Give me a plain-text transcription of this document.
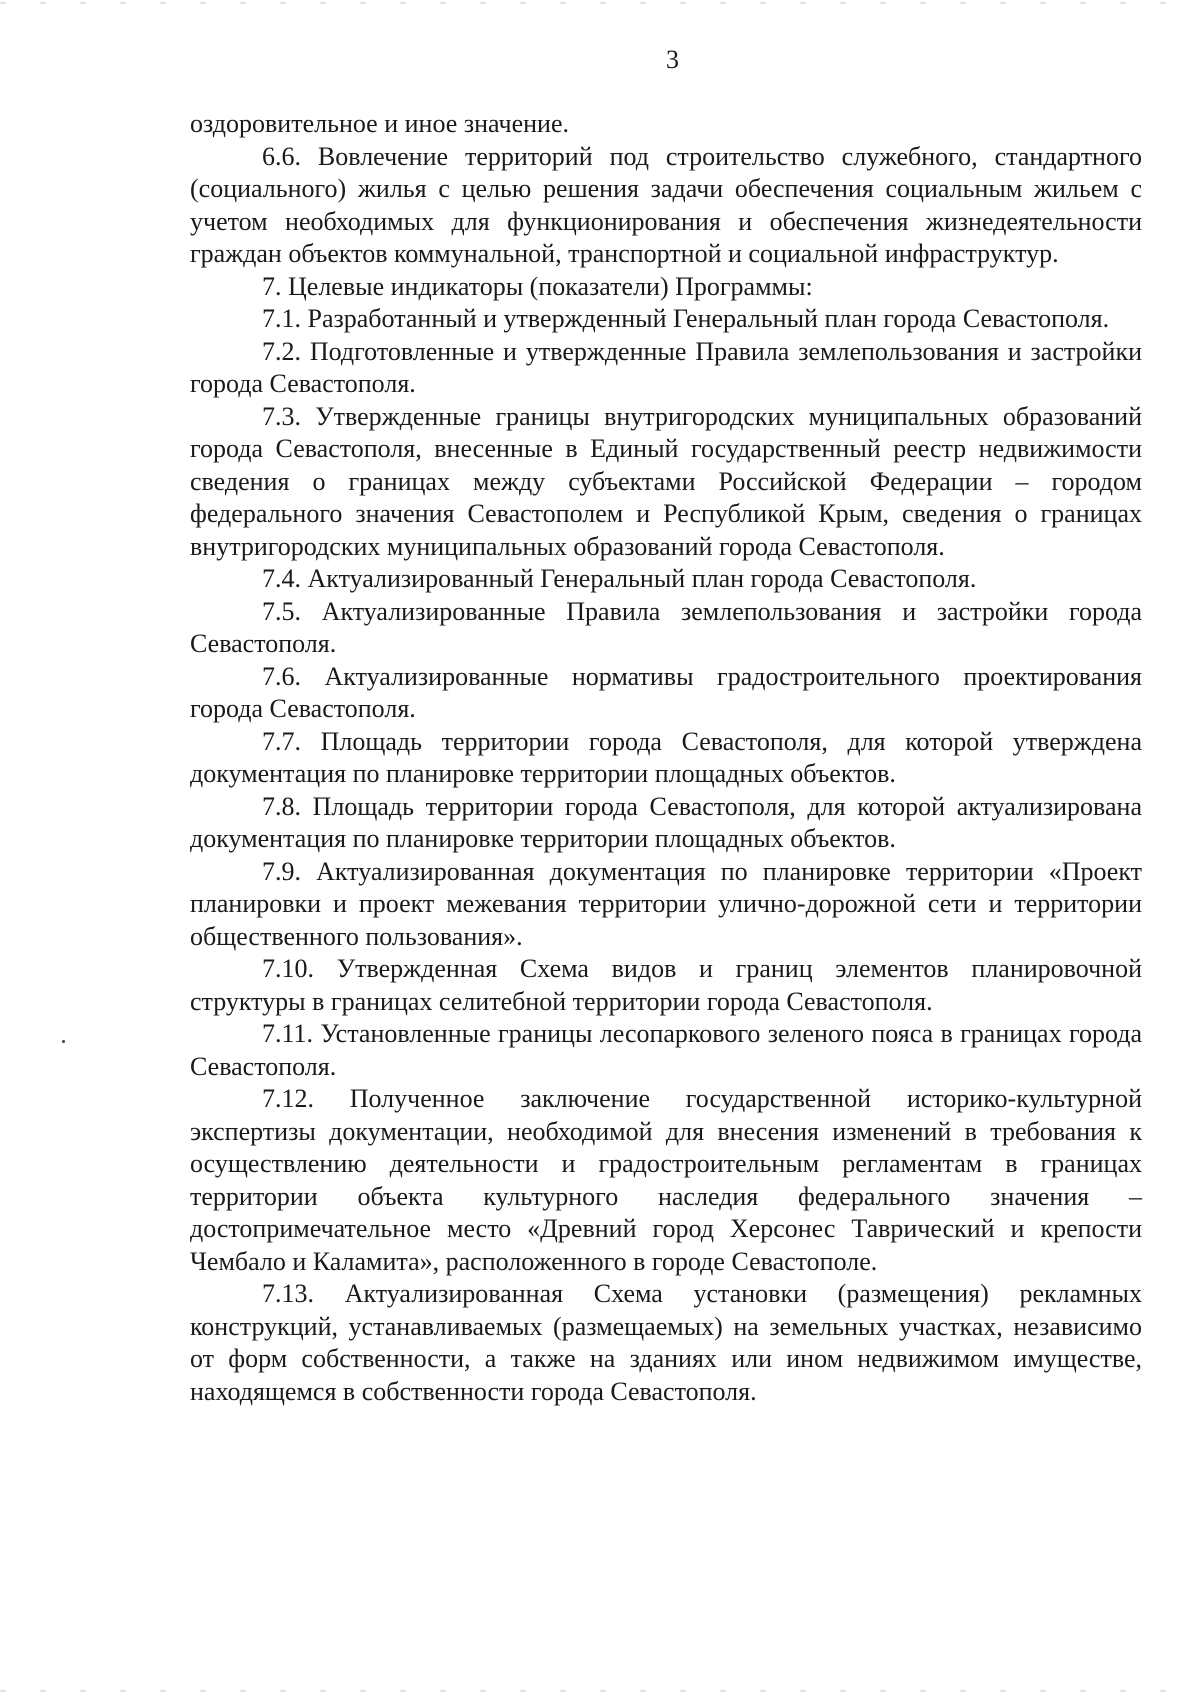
3

оздоровительное и иное значение.

6.6. Вовлечение территорий под строительство служебного, стандартного (социального) жилья с целью решения задачи обеспечения социальным жильем с учетом необходимых для функционирования и обеспечения жизнедеятельности граждан объектов коммунальной, транспортной и социальной инфраструктур.

7. Целевые индикаторы (показатели) Программы:

7.1. Разработанный и утвержденный Генеральный план города Севастополя.

7.2. Подготовленные и утвержденные Правила землепользования и застройки города Севастополя.

7.3. Утвержденные границы внутригородских муниципальных образований города Севастополя, внесенные в Единый государственный реестр недвижимости сведения о границах между субъектами Российской Федерации – городом федерального значения Севастополем и Республикой Крым, сведения о границах внутригородских муниципальных образований города Севастополя.

7.4. Актуализированный Генеральный план города Севастополя.

7.5. Актуализированные Правила землепользования и застройки города Севастополя.

7.6. Актуализированные нормативы градостроительного проектирования города Севастополя.

7.7. Площадь территории города Севастополя, для которой утверждена документация по планировке территории площадных объектов.

7.8. Площадь территории города Севастополя, для которой актуализирована документация по планировке территории площадных объектов.

7.9. Актуализированная документация по планировке территории «Проект планировки и проект межевания территории улично-дорожной сети и территории общественного пользования».

7.10. Утвержденная Схема видов и границ элементов планировочной структуры в границах селитебной территории города Севастополя.

7.11. Установленные границы лесопаркового зеленого пояса в границах города Севастополя.

7.12. Полученное заключение государственной историко-культурной экспертизы документации, необходимой для внесения изменений в требования к осуществлению деятельности и градостроительным регламентам в границах территории объекта культурного наследия федерального значения – достопримечательное место «Древний город Херсонес Таврический и крепости Чембало и Каламита», расположенного в городе Севастополе.

7.13. Актуализированная Схема установки (размещения) рекламных конструкций, устанавливаемых (размещаемых) на земельных участках, независимо от форм собственности, а также на зданиях или ином недвижимом имуществе, находящемся в собственности города Севастополя.
